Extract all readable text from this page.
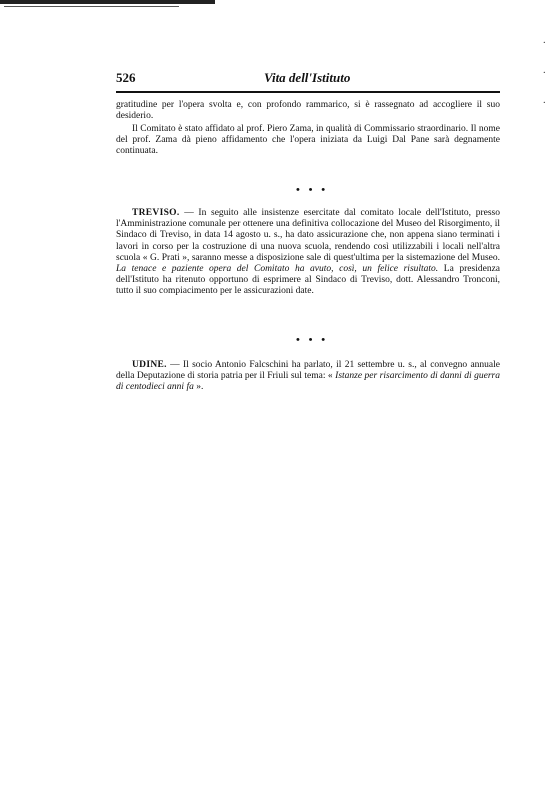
526	Vita dell'Istituto

gratitudine per l'opera svolta e, con profondo rammarico, si è rassegnato ad accogliere il suo desiderio.

Il Comitato è stato affidato al prof. Piero Zama, in qualità di Commissario straordinario. Il nome del prof. Zama dà pieno affidamento che l'opera iniziata da Luigi Dal Pane sarà degnamente continuata.

• • •

TREVISO. — In seguito alle insistenze esercitate dal comitato locale dell'Istituto, presso l'Amministrazione comunale per ottenere una definitiva collocazione del Museo del Risorgimento, il Sindaco di Treviso, in data 14 agosto u. s., ha dato assicurazione che, non appena siano terminati i lavori in corso per la costruzione di una nuova scuola, rendendo così utilizzabili i locali nell'altra scuola « G. Prati », saranno messe a disposizione sale di quest'ultima per la sistemazione del Museo. La tenace e paziente opera del Comitato ha avuto, così, un felice risultato. La presidenza dell'Istituto ha ritenuto opportuno di esprimere al Sindaco di Treviso, dott. Alessandro Tronconi, tutto il suo compiacimento per le assicurazioni date.

• • •

UDINE. — Il socio Antonio Falcschini ha parlato, il 21 settembre u. s., al convegno annuale della Deputazione di storia patria per il Friuli sul tema: « Istanze per risarcimento di danni di guerra di centodieci anni fa ».

·
·
·
